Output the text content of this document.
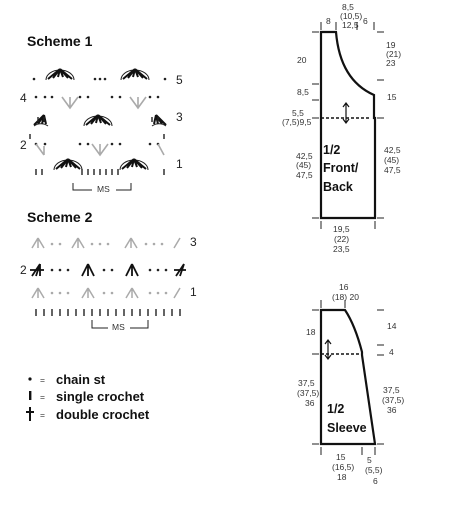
Scheme 1
MS
5
4
3
2
1
Scheme 2
MS
3
2
1
= chain st
= single crochet
= double crochet
8
8,5
(10,5)
12,5 6
20
8,5
5,5
(7,5)9,5
42,5
(45)
47,5
19
(21)
23
15
42,5
(45)
47,5
19,5
(22)
23,5
1/2
Front/
Back
16
(18) 20
18
37,5
(37,5)
36
14
4
37,5
(37,5)
36
15
(16,5)
18
5
(5,5)
6
1/2
Sleeve
